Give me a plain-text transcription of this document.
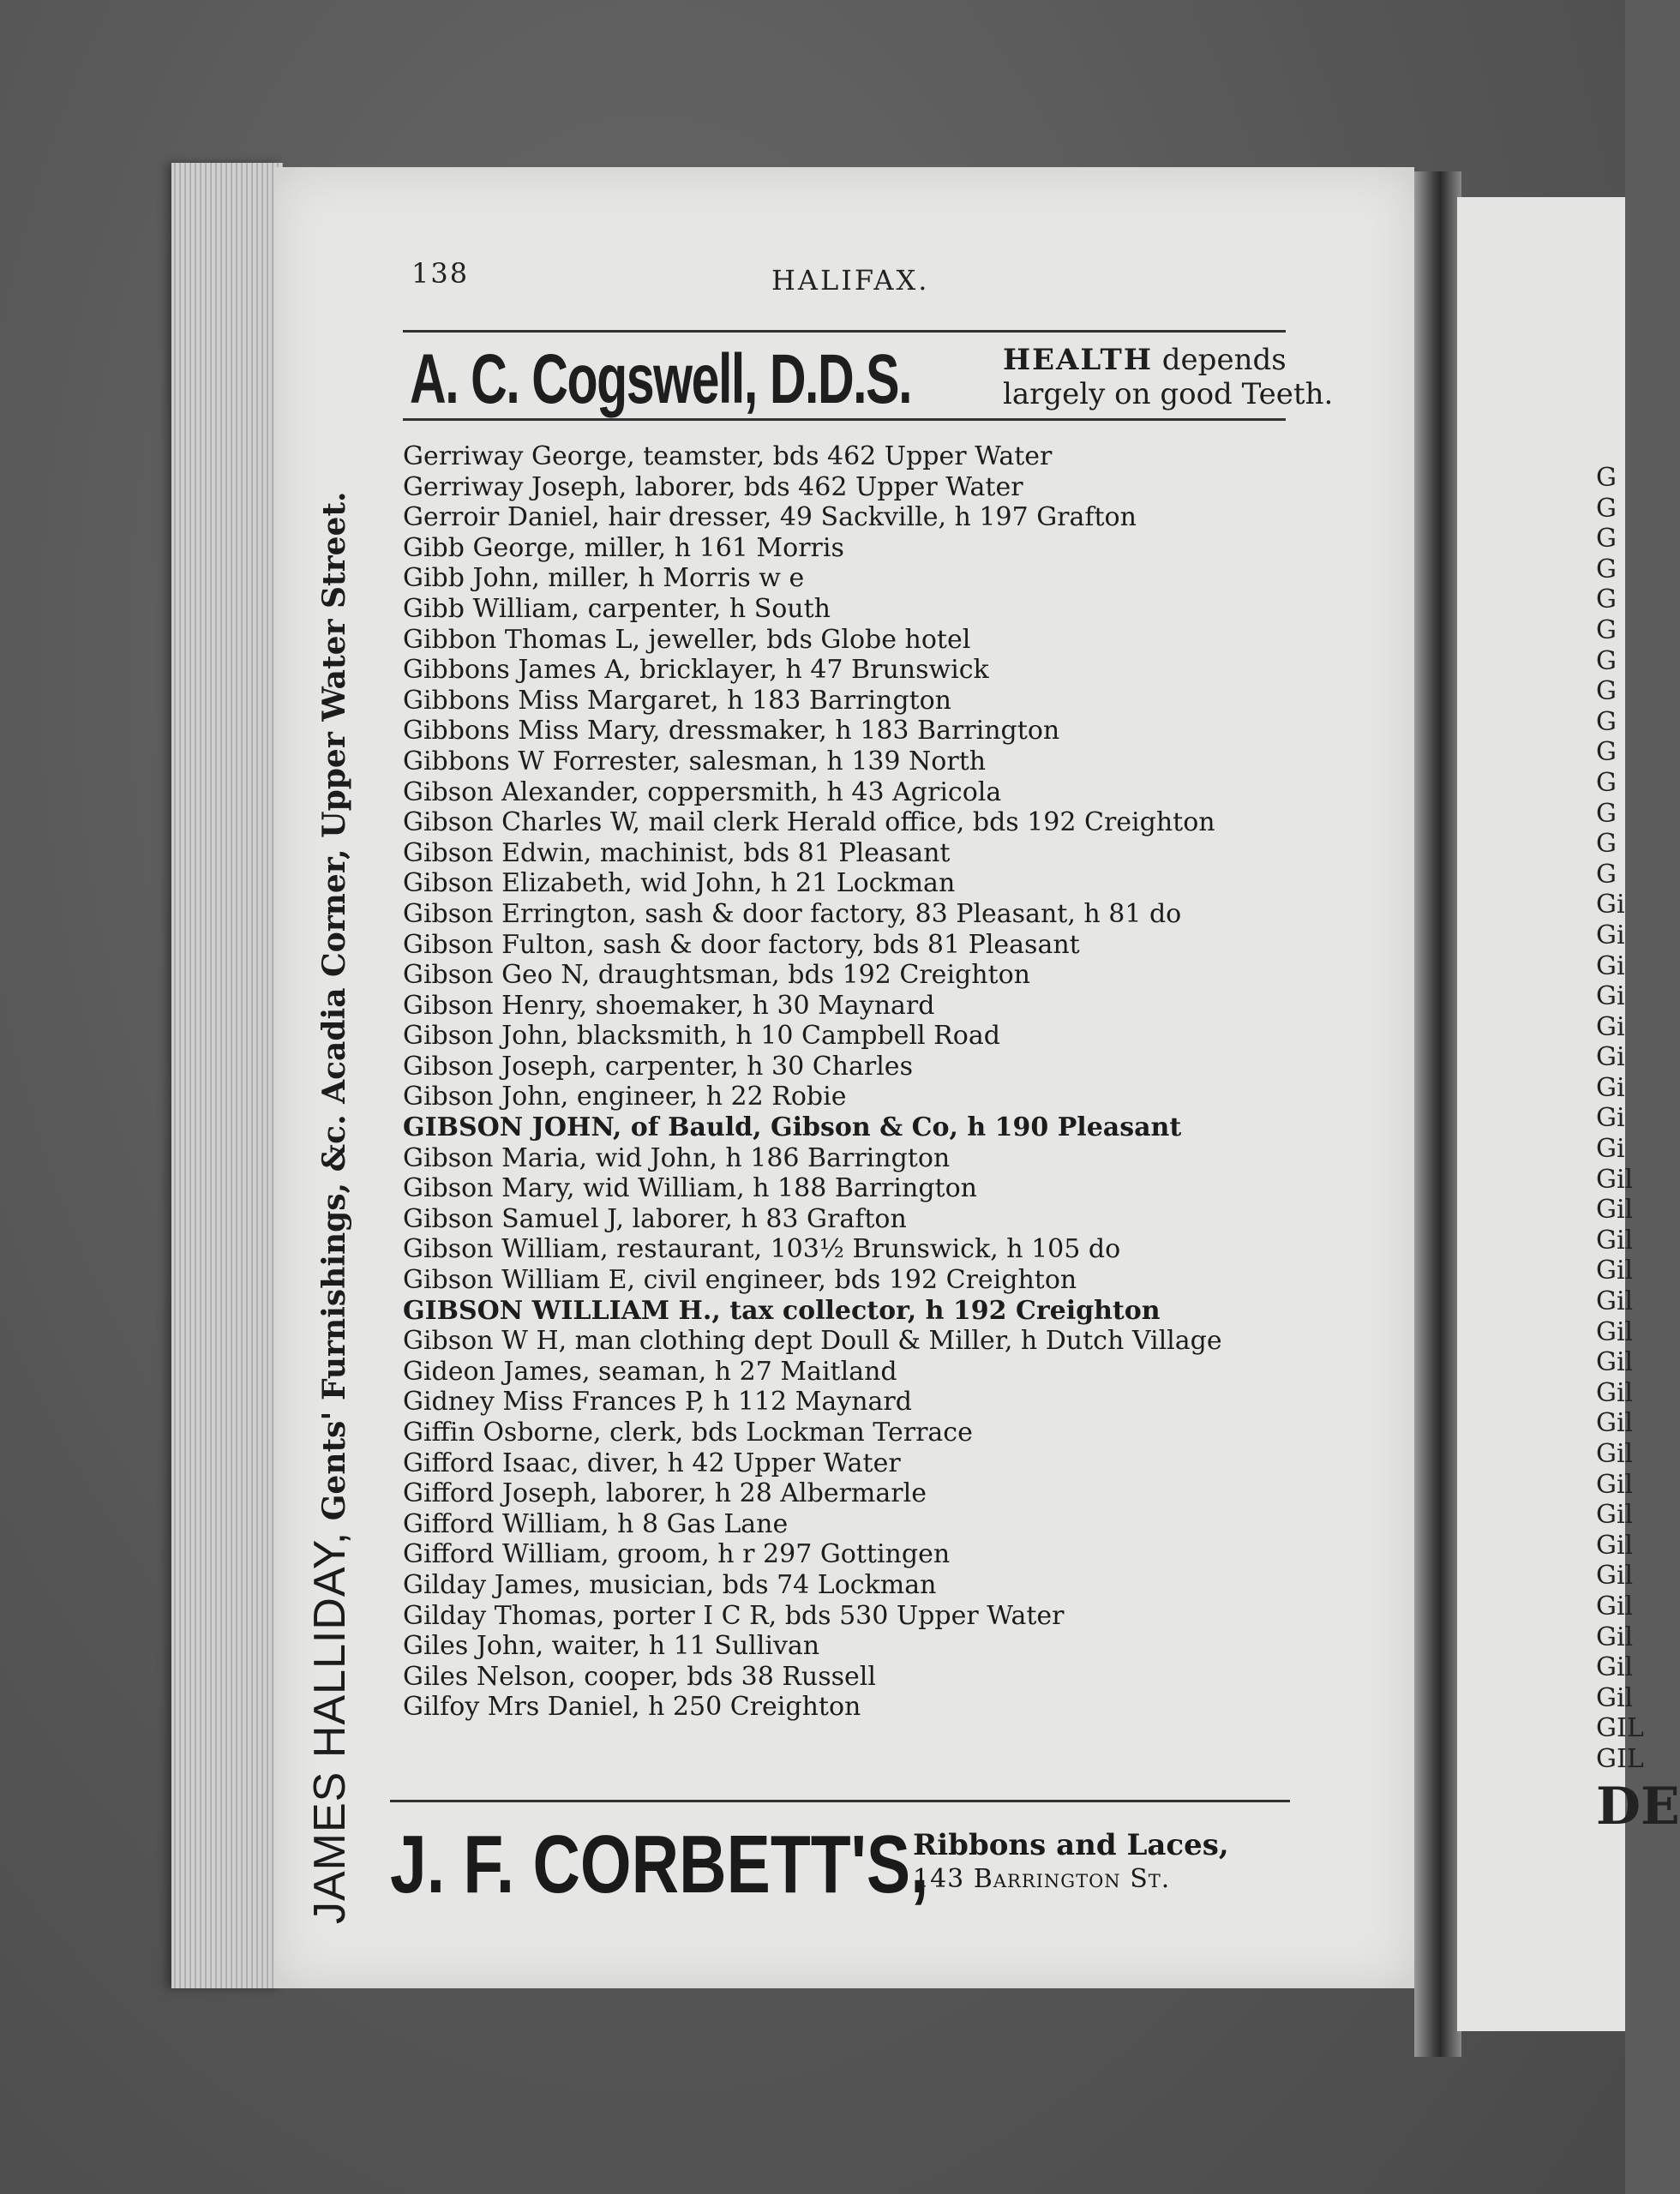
138	HALIFAX.
A. C. Cogswell, D.D.S.	HEALTH depends
largely on good Teeth.
Gerriway George, teamster, bds 462 Upper Water
Gerriway Joseph, laborer, bds 462 Upper Water
Gerroir Daniel, hair dresser, 49 Sackville, h 197 Grafton
Gibb George, miller, h 161 Morris
Gibb John, miller, h Morris w e
Gibb William, carpenter, h South
Gibbon Thomas L, jeweller, bds Globe hotel
Gibbons James A, bricklayer, h 47 Brunswick
Gibbons Miss Margaret, h 183 Barrington
Gibbons Miss Mary, dressmaker, h 183 Barrington
Gibbons W Forrester, salesman, h 139 North
Gibson Alexander, coppersmith, h 43 Agricola
Gibson Charles W, mail clerk Herald office, bds 192 Creighton
Gibson Edwin, machinist, bds 81 Pleasant
Gibson Elizabeth, wid John, h 21 Lockman
Gibson Errington, sash & door factory, 83 Pleasant, h 81 do
Gibson Fulton, sash & door factory, bds 81 Pleasant
Gibson Geo N, draughtsman, bds 192 Creighton
Gibson Henry, shoemaker, h 30 Maynard
Gibson John, blacksmith, h 10 Campbell Road
Gibson Joseph, carpenter, h 30 Charles
Gibson John, engineer, h 22 Robie
GIBSON JOHN, of Bauld, Gibson & Co, h 190 Pleasant
Gibson Maria, wid John, h 186 Barrington
Gibson Mary, wid William, h 188 Barrington
Gibson Samuel J, laborer, h 83 Grafton
Gibson William, restaurant, 103½ Brunswick, h 105 do
Gibson William E, civil engineer, bds 192 Creighton
GIBSON WILLIAM H., tax collector, h 192 Creighton
Gibson W H, man clothing dept Doull & Miller, h Dutch Village
Gideon James, seaman, h 27 Maitland
Gidney Miss Frances P, h 112 Maynard
Giffin Osborne, clerk, bds Lockman Terrace
Gifford Isaac, diver, h 42 Upper Water
Gifford Joseph, laborer, h 28 Albermarle
Gifford William, h 8 Gas Lane
Gifford William, groom, h r 297 Gottingen
Gilday James, musician, bds 74 Lockman
Gilday Thomas, porter I C R, bds 530 Upper Water
Giles John, waiter, h 11 Sullivan
Giles Nelson, cooper, bds 38 Russell
Gilfoy Mrs Daniel, h 250 Creighton
J. F. CORBETT'S,
Ribbons and Laces,
143 Barrington St.
JAMES HALLIDAY, Gents' Furnishings, &c. Acadia Corner, Upper Water Street.
G
G
G
G
G
G
G
G
G
G
G
G
G
G
Gi
Gi
Gi
Gi
Gi
Gi
Gi
Gi
Gi
Gil
Gil
Gil
Gil
Gil
Gil
Gil
Gil
Gil
Gil
Gil
Gil
Gil
Gil
Gil
Gil
Gil
Gil
GIL
GIL
DE
